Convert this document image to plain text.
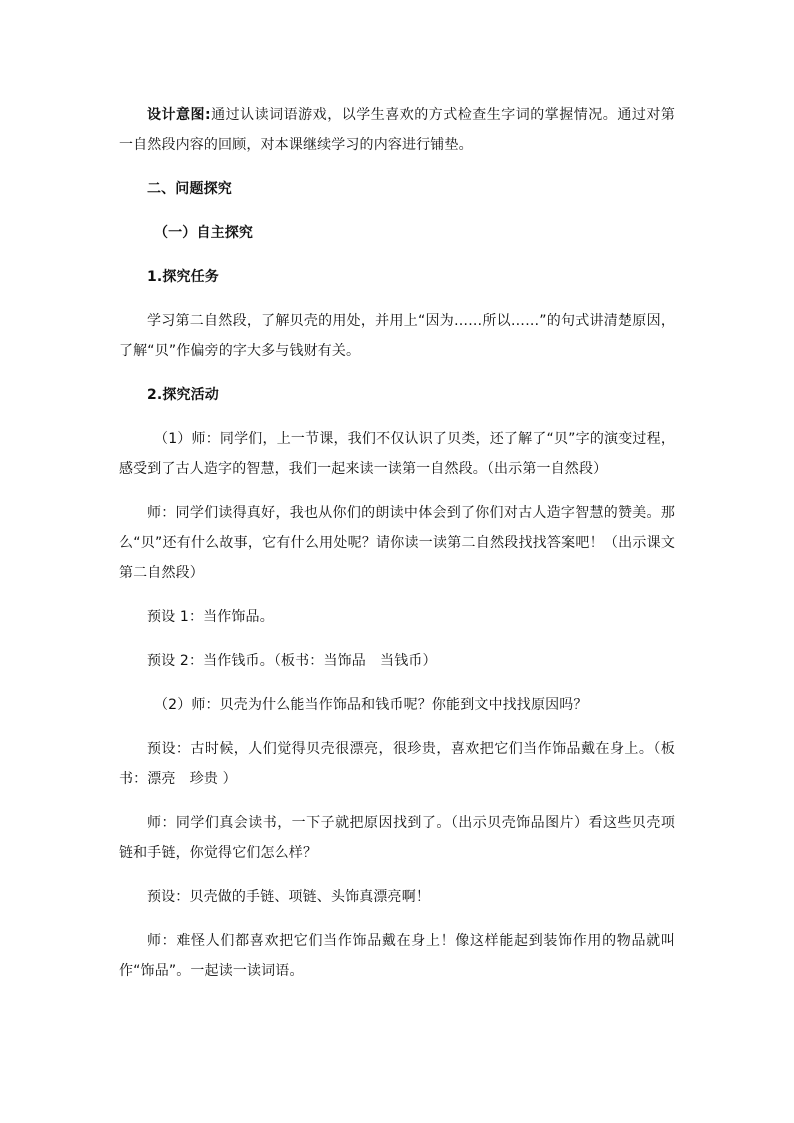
设计意图:通过认读词语游戏，以学生喜欢的方式检查生字词的掌握情况。通过对第一自然段内容的回顾，对本课继续学习的内容进行铺垫。

二、问题探究

（一）自主探究

1.探究任务

学习第二自然段，了解贝壳的用处，并用上“因为……所以……”的句式讲清楚原因，了解“贝”作偏旁的字大多与钱财有关。

2.探究活动

（1）师：同学们，上一节课，我们不仅认识了贝类，还了解了“贝”字的演变过程，感受到了古人造字的智慧，我们一起来读一读第一自然段。（出示第一自然段）

师：同学们读得真好，我也从你们的朗读中体会到了你们对古人造字智慧的赞美。那么“贝”还有什么故事，它有什么用处呢？请你读一读第二自然段找找答案吧！（出示课文第二自然段）

预设 1：当作饰品。

预设 2：当作钱币。（板书：当饰品　当钱币）

（2）师：贝壳为什么能当作饰品和钱币呢？你能到文中找找原因吗？

预设：古时候，人们觉得贝壳很漂亮，很珍贵，喜欢把它们当作饰品戴在身上。（板书：漂亮　珍贵 ）

师：同学们真会读书，一下子就把原因找到了。（出示贝壳饰品图片）看这些贝壳项链和手链，你觉得它们怎么样？

预设：贝壳做的手链、项链、头饰真漂亮啊！

师：难怪人们都喜欢把它们当作饰品戴在身上！像这样能起到装饰作用的物品就叫作“饰品”。一起读一读词语。
